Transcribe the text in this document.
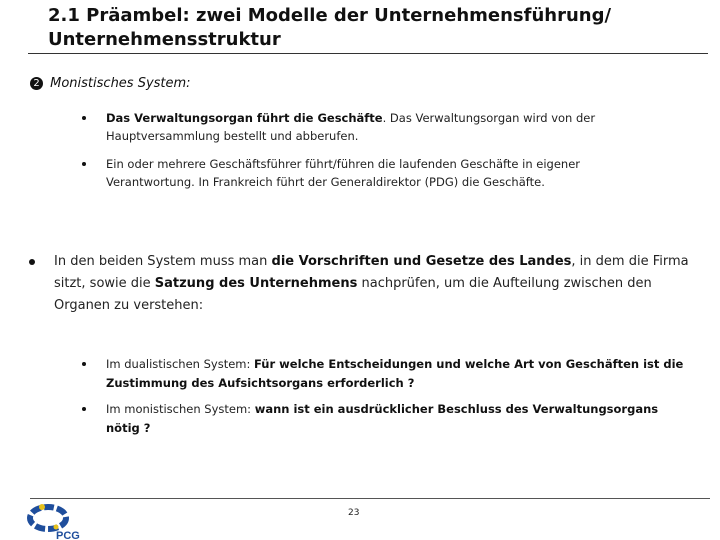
2.1 Präambel: zwei Modelle der Unternehmensführung/ Unternehmensstruktur
2 Monistisches System:
Das Verwaltungsorgan führt die Geschäfte. Das Verwaltungsorgan wird von der Hauptversammlung bestellt und abberufen.
Ein oder mehrere Geschäftsführer führt/führen die laufenden Geschäfte in eigener Verantwortung. In Frankreich führt der Generaldirektor (PDG) die Geschäfte.
In den beiden System muss man die Vorschriften und Gesetze des Landes, in dem die Firma sitzt, sowie die Satzung des Unternehmens nachprüfen, um die Aufteilung zwischen den Organen zu verstehen:
Im dualistischen System: Für welche Entscheidungen und welche Art von Geschäften ist die Zustimmung des Aufsichtsorgans erforderlich ?
Im monistischen System: wann ist ein ausdrücklicher Beschluss des Verwaltungsorgans nötig ?
23
PCG
